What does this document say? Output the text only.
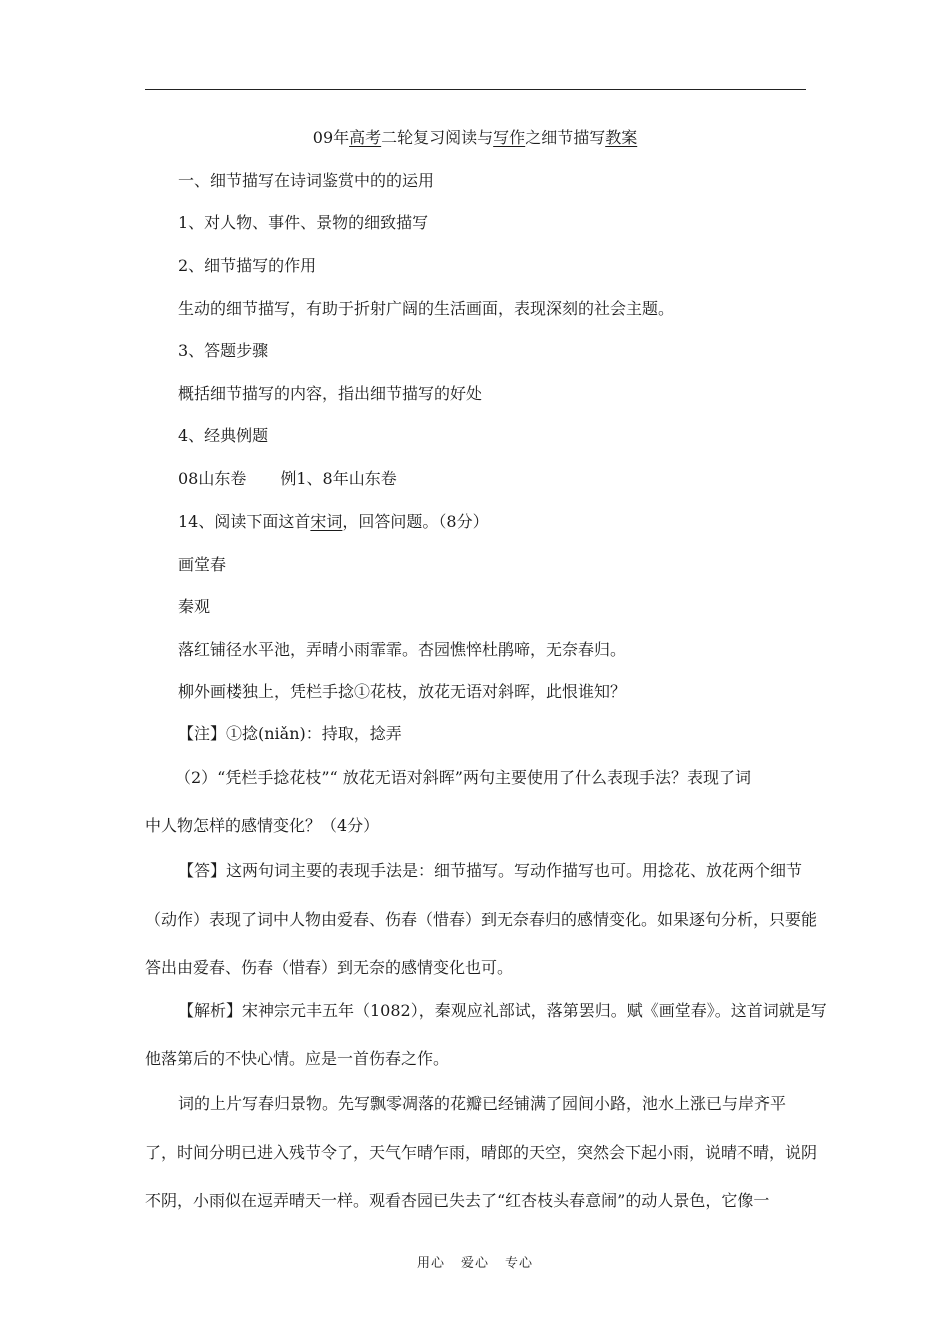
09年高考二轮复习阅读与写作之细节描写教案
一、细节描写在诗词鉴赏中的的运用
1、对人物、事件、景物的细致描写
2、细节描写的作用
生动的细节描写，有助于折射广阔的生活画面，表现深刻的社会主题。
3、答题步骤
概括细节描写的内容，指出细节描写的好处
4、经典例题
08山东卷 例1、8年山东卷
14、阅读下面这首宋词，回答问题。（8分）
画堂春
秦观
落红铺径水平池，弄晴小雨霏霏。杏园憔悴杜鹃啼，无奈春归。
柳外画楼独上，凭栏手捻①花枝，放花无语对斜晖，此恨谁知？
【注】①捻(niǎn)：持取，捻弄
（2）“凭栏手捻花枝”“ 放花无语对斜晖”两句主要使用了什么表现手法？表现了词
中人物怎样的感情变化？（4分）
【答】这两句词主要的表现手法是：细节描写。写动作描写也可。用捻花、放花两个细节
（动作）表现了词中人物由爱春、伤春（惜春）到无奈春归的感情变化。如果逐句分析，只要能
答出由爱春、伤春（惜春）到无奈的感情变化也可。
【解析】宋神宗元丰五年（1082），秦观应礼部试，落第罢归。赋《画堂春》。这首词就是写
他落第后的不快心情。应是一首伤春之作。
词的上片写春归景物。先写飘零凋落的花瓣已经铺满了园间小路，池水上涨已与岸齐平
了，时间分明已进入残节令了，天气乍晴乍雨，晴郎的天空，突然会下起小雨，说晴不晴，说阴
不阴，小雨似在逗弄晴天一样。观看杏园已失去了“红杏枝头春意闹”的动人景色，它像一
用心 爱心 专心
